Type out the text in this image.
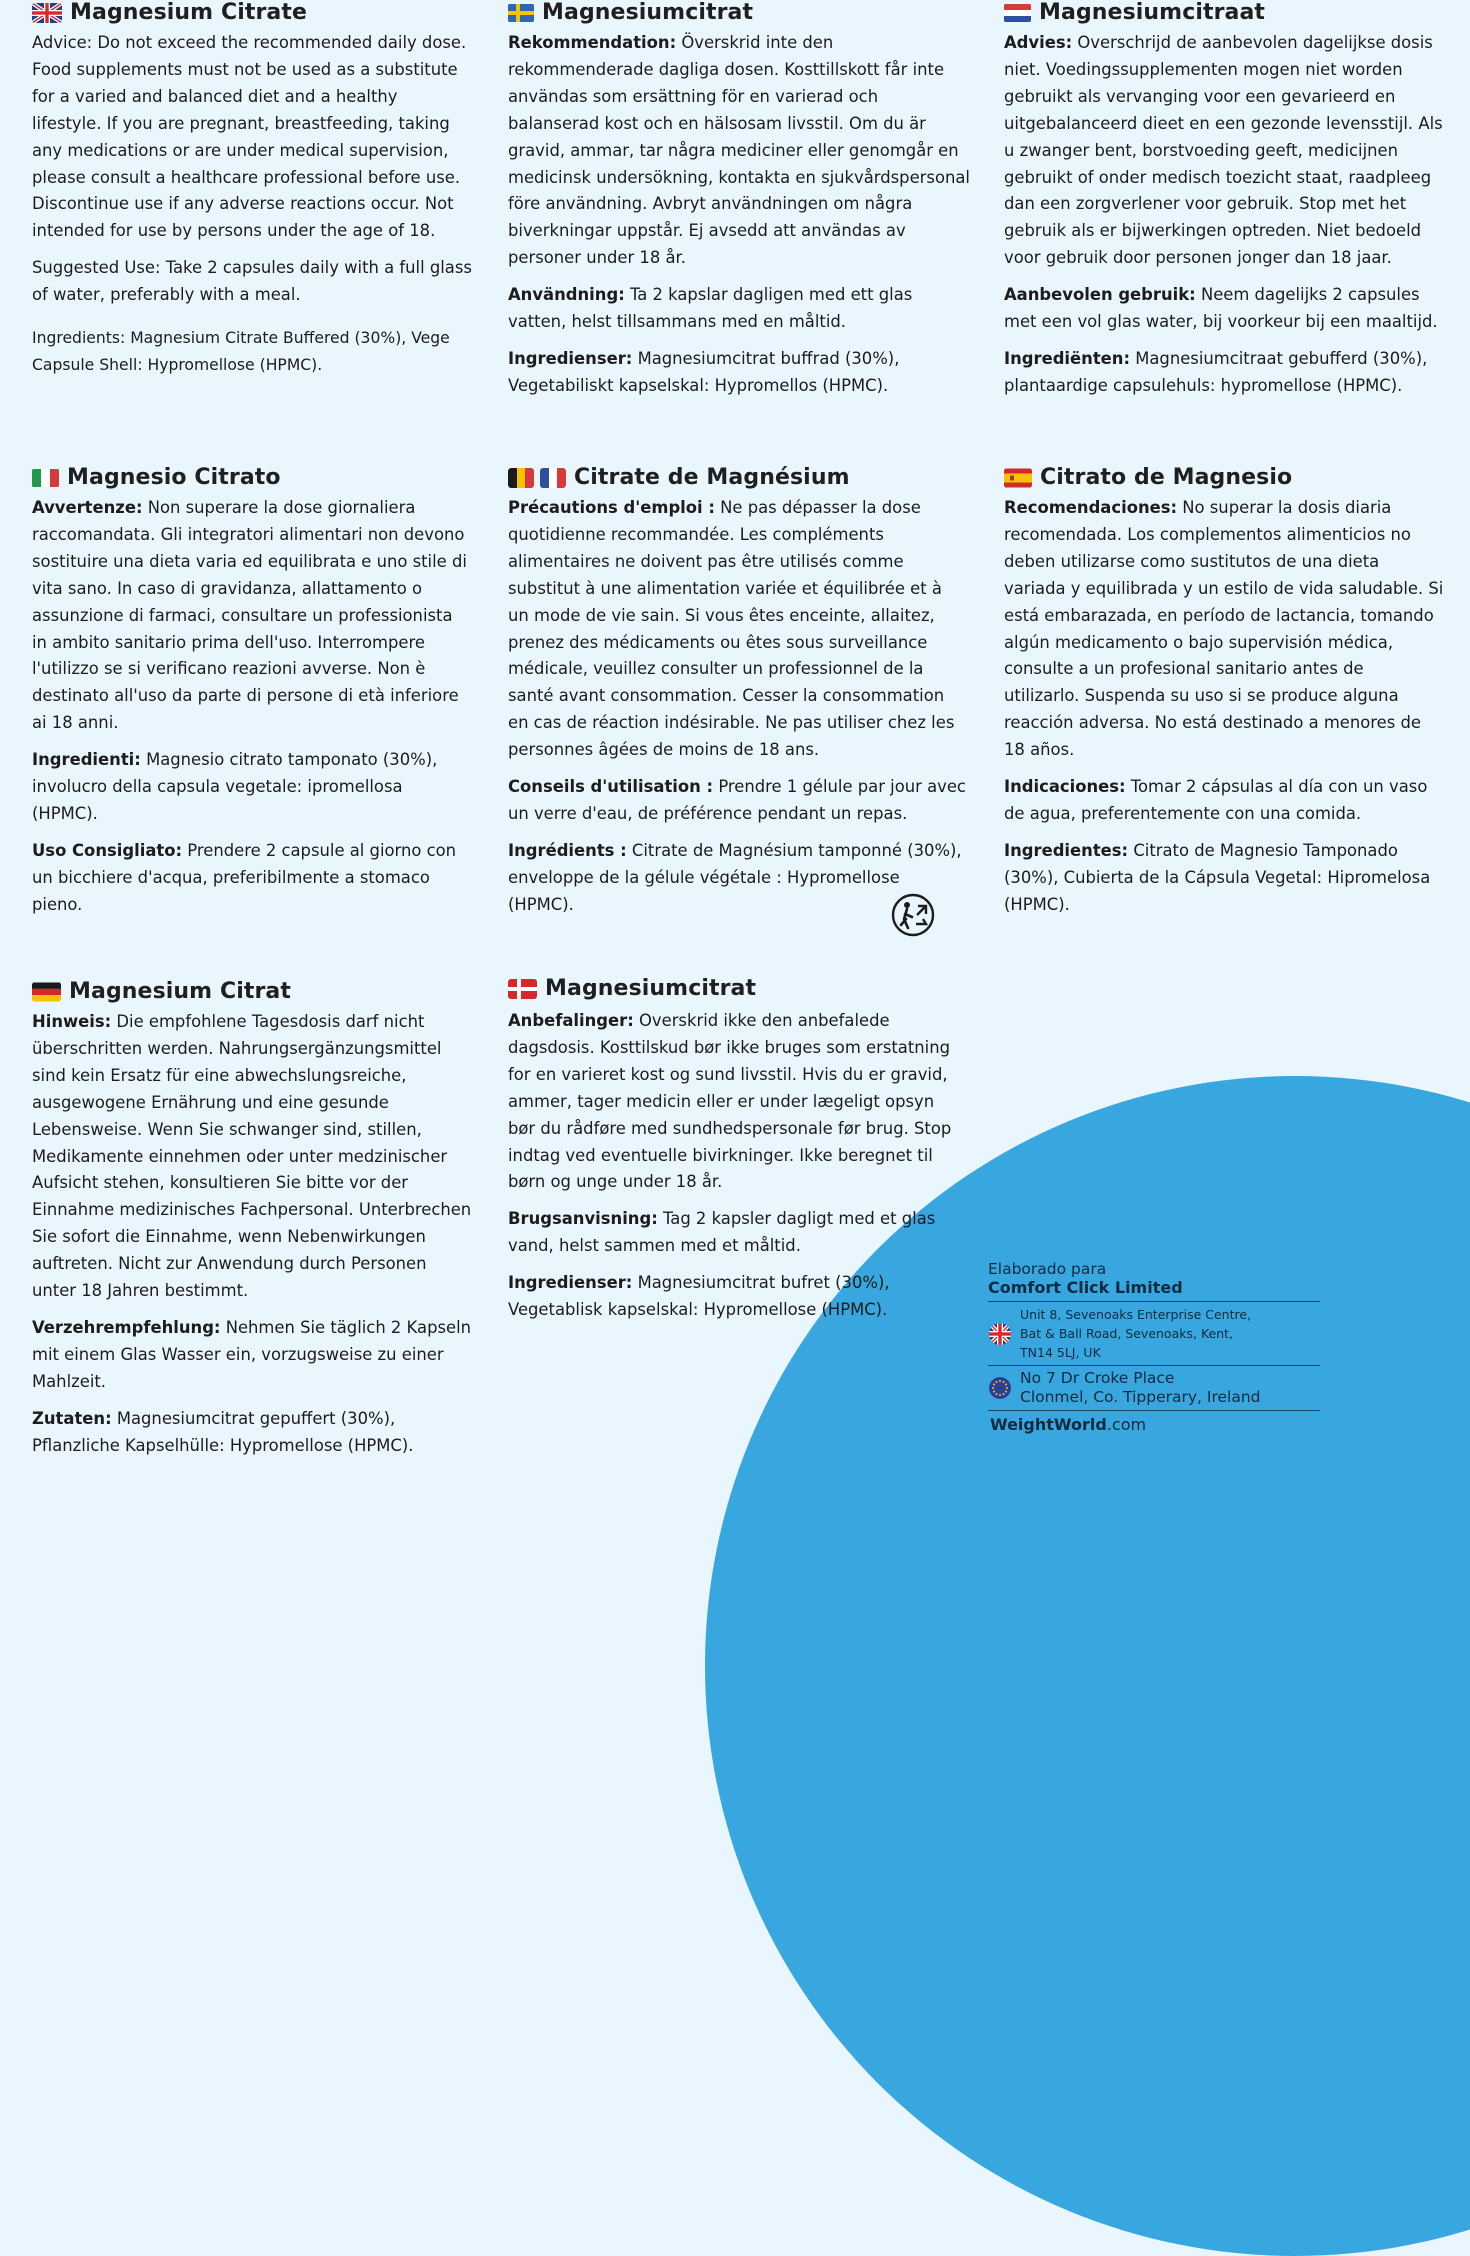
Magnesium Citrate

Advice: Do not exceed the recommended daily dose. Food supplements must not be used as a substitute for a varied and balanced diet and a healthy lifestyle. If you are pregnant, breastfeeding, taking any medications or are under medical supervision, please consult a healthcare professional before use. Discontinue use if any adverse reactions occur. Not intended for use by persons under the age of 18.

Suggested Use: Take 2 capsules daily with a full glass of water, preferably with a meal.

Ingredients: Magnesium Citrate Buffered (30%), Vege Capsule Shell: Hypromellose (HPMC).

Magnesiumcitrat

Rekommendation: Överskrid inte den rekommenderade dagliga dosen. Kosttillskott får inte användas som ersättning för en varierad och balanserad kost och en hälsosam livsstil. Om du är gravid, ammar, tar några mediciner eller genomgår en medicinsk undersökning, kontakta en sjukvårdspersonal före användning. Avbryt användningen om några biverkningar uppstår. Ej avsedd att användas av personer under 18 år.

Användning: Ta 2 kapslar dagligen med ett glas vatten, helst tillsammans med en måltid.

Ingredienser: Magnesiumcitrat buffrad (30%), Vegetabiliskt kapselskal: Hypromellos (HPMC).

Magnesiumcitraat

Advies: Overschrijd de aanbevolen dagelijkse dosis niet. Voedingssupplementen mogen niet worden gebruikt als vervanging voor een gevarieerd en uitgebalanceerd dieet en een gezonde levensstijl. Als u zwanger bent, borstvoeding geeft, medicijnen gebruikt of onder medisch toezicht staat, raadpleeg dan een zorgverlener voor gebruik. Stop met het gebruik als er bijwerkingen optreden. Niet bedoeld voor gebruik door personen jonger dan 18 jaar.

Aanbevolen gebruik: Neem dagelijks 2 capsules met een vol glas water, bij voorkeur bij een maaltijd.

Ingrediënten: Magnesiumcitraat gebufferd (30%), plantaardige capsulehuls: hypromellose (HPMC).

Magnesio Citrato

Avvertenze: Non superare la dose giornaliera raccomandata. Gli integratori alimentari non devono sostituire una dieta varia ed equilibrata e uno stile di vita sano. In caso di gravidanza, allattamento o assunzione di farmaci, consultare un professionista in ambito sanitario prima dell'uso. Interrompere l'utilizzo se si verificano reazioni avverse. Non è destinato all'uso da parte di persone di età inferiore ai 18 anni.

Ingredienti: Magnesio citrato tamponato (30%), involucro della capsula vegetale: ipromellosa (HPMC).

Uso Consigliato: Prendere 2 capsule al giorno con un bicchiere d'acqua, preferibilmente a stomaco pieno.

Citrate de Magnésium

Précautions d'emploi : Ne pas dépasser la dose quotidienne recommandée. Les compléments alimentaires ne doivent pas être utilisés comme substitut à une alimentation variée et équilibrée et à un mode de vie sain. Si vous êtes enceinte, allaitez, prenez des médicaments ou êtes sous surveillance médicale, veuillez consulter un professionnel de la santé avant consommation. Cesser la consommation en cas de réaction indésirable. Ne pas utiliser chez les personnes âgées de moins de 18 ans.

Conseils d'utilisation : Prendre 1 gélule par jour avec un verre d'eau, de préférence pendant un repas.

Ingrédients : Citrate de Magnésium tamponné (30%), enveloppe de la gélule végétale : Hypromellose (HPMC).

Citrato de Magnesio

Recomendaciones: No superar la dosis diaria recomendada. Los complementos alimenticios no deben utilizarse como sustitutos de una dieta variada y equilibrada y un estilo de vida saludable. Si está embarazada, en período de lactancia, tomando algún medicamento o bajo supervisión médica, consulte a un profesional sanitario antes de utilizarlo. Suspenda su uso si se produce alguna reacción adversa. No está destinado a menores de 18 años.

Indicaciones: Tomar 2 cápsulas al día con un vaso de agua, preferentemente con una comida.

Ingredientes: Citrato de Magnesio Tamponado (30%), Cubierta de la Cápsula Vegetal: Hipromelosa (HPMC).

Magnesium Citrat

Hinweis: Die empfohlene Tagesdosis darf nicht überschritten werden. Nahrungsergänzungsmittel sind kein Ersatz für eine abwechslungsreiche, ausgewogene Ernährung und eine gesunde Lebensweise. Wenn Sie schwanger sind, stillen, Medikamente einnehmen oder unter medzinischer Aufsicht stehen, konsultieren Sie bitte vor der Einnahme medizinisches Fachpersonal. Unterbrechen Sie sofort die Einnahme, wenn Nebenwirkungen auftreten. Nicht zur Anwendung durch Personen unter 18 Jahren bestimmt.

Verzehrempfehlung: Nehmen Sie täglich 2 Kapseln mit einem Glas Wasser ein, vorzugsweise zu einer Mahlzeit.

Zutaten: Magnesiumcitrat gepuffert (30%), Pflanzliche Kapselhülle: Hypromellose (HPMC).

Magnesiumcitrat

Anbefalinger: Overskrid ikke den anbefalede dagsdosis. Kosttilskud bør ikke bruges som erstatning for en varieret kost og sund livsstil. Hvis du er gravid, ammer, tager medicin eller er under lægeligt opsyn bør du rådføre med sundhedspersonale før brug. Stop indtag ved eventuelle bivirkninger. Ikke beregnet til børn og unge under 18 år.

Brugsanvisning: Tag 2 kapsler dagligt med et glas vand, helst sammen med et måltid.

Ingredienser: Magnesiumcitrat bufret (30%), Vegetablisk kapselskal: Hypromellose (HPMC).

Elaborado para
Comfort Click Limited
Unit 8, Sevenoaks Enterprise Centre,
Bat & Ball Road, Sevenoaks, Kent,
TN14 5LJ, UK
No 7 Dr Croke Place
Clonmel, Co. Tipperary, Ireland
WeightWorld.com
